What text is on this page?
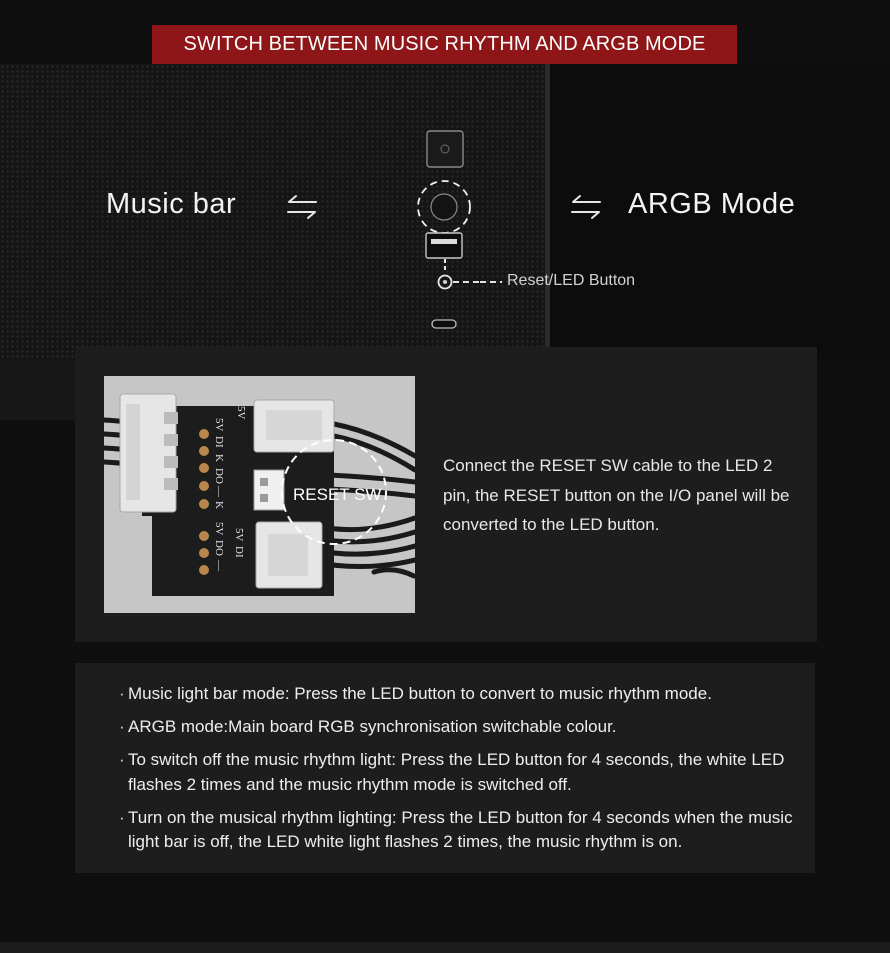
SWITCH BETWEEN MUSIC RHYTHM AND ARGB MODE
Music bar	ARGB Mode
Reset/LED Button
5V
DI
K
DO
—
K
5V
5V
DO
—
DI
5V
RESET SW
Connect the RESET SW cable to the LED 2 pin, the RESET button on the I/O panel will be converted to the LED button.
· Music light bar mode: Press the LED button to convert to music rhythm mode.
· ARGB mode:Main board RGB synchronisation switchable colour.
· To switch off the music rhythm light: Press the LED button for 4 seconds, the white LED flashes 2 times and the music rhythm mode is switched off.
· Turn on the musical rhythm lighting: Press the LED button for 4 seconds when the music light bar is off, the LED white light flashes 2 times, the music rhythm is on.
